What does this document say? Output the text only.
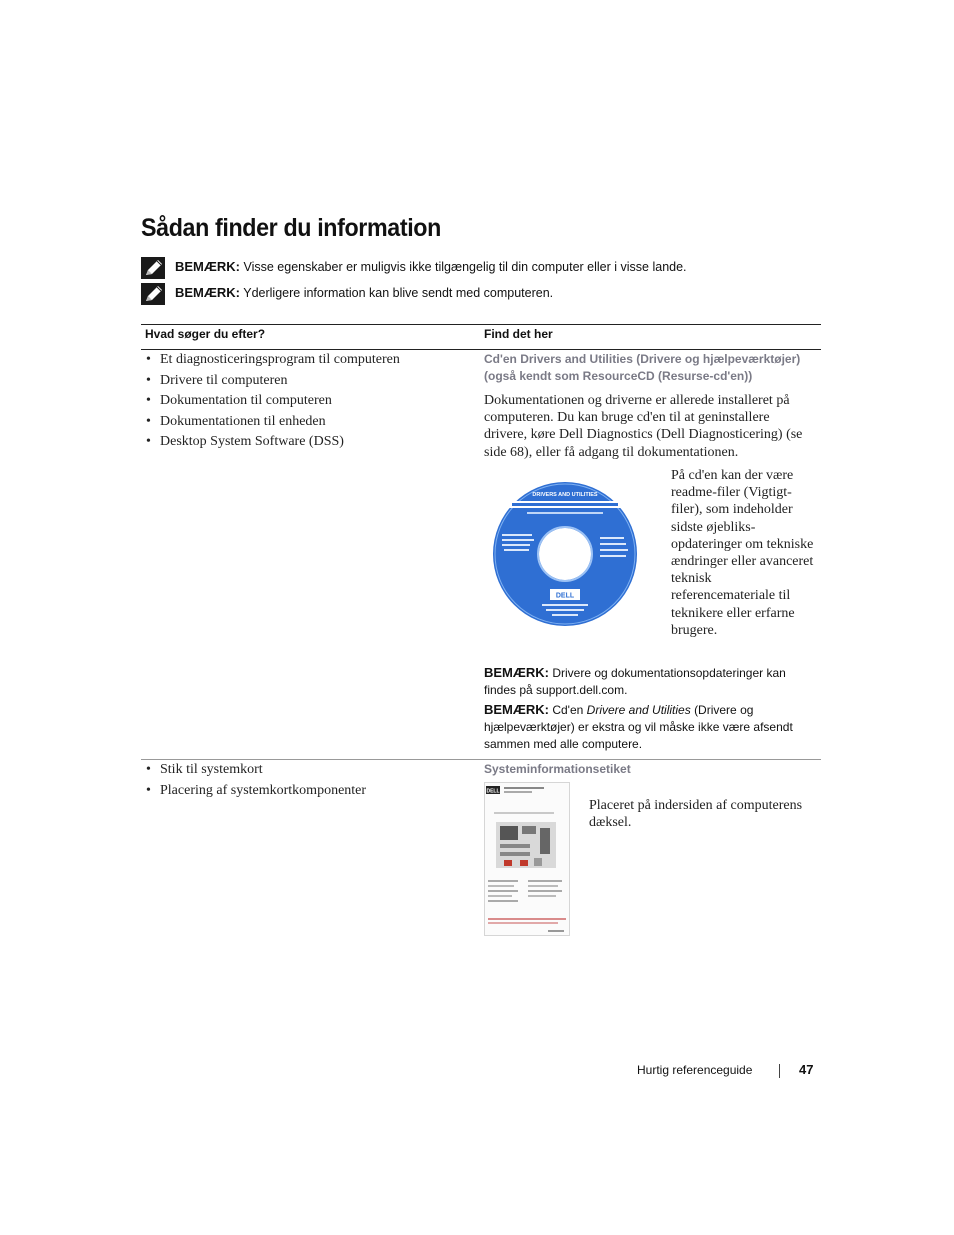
Sådan finder du information
BEMÆRK: Visse egenskaber er muligvis ikke tilgængelig til din computer eller i visse lande.
BEMÆRK: Yderligere information kan blive sendt med computeren.
Hvad søger du efter?	Find det her
• Et diagnosticeringsprogram til computeren
• Drivere til computeren
• Dokumentation til computeren
• Dokumentationen til enheden
• Desktop System Software (DSS)
Cd'en Drivers and Utilities (Drivere og hjælpeværktøjer)
(også kendt som ResourceCD (Resurse-cd'en))
Dokumentationen og driverne er allerede installeret på computeren. Du kan bruge cd'en til at geninstallere drivere, køre Dell Diagnostics (Dell Diagnosticering) (se side 68), eller få adgang til dokumentationen.
DRIVERS AND UTILITIES
DELL
På cd'en kan der være readme-filer (Vigtigt-filer), som indeholder sidste øjebliks-opdateringer om tekniske ændringer eller avanceret teknisk referencemateriale til teknikere eller erfarne brugere.
BEMÆRK: Drivere og dokumentationsopdateringer kan findes på support.dell.com.
BEMÆRK: Cd'en Drivere and Utilities (Drivere og hjælpeværktøjer) er ekstra og vil måske ikke være afsendt sammen med alle computere.
• Stik til systemkort
• Placering af systemkortkomponenter
Systeminformationsetiket
DELL
Placeret på indersiden af computerens dæksel.
Hurtig referenceguide	47
